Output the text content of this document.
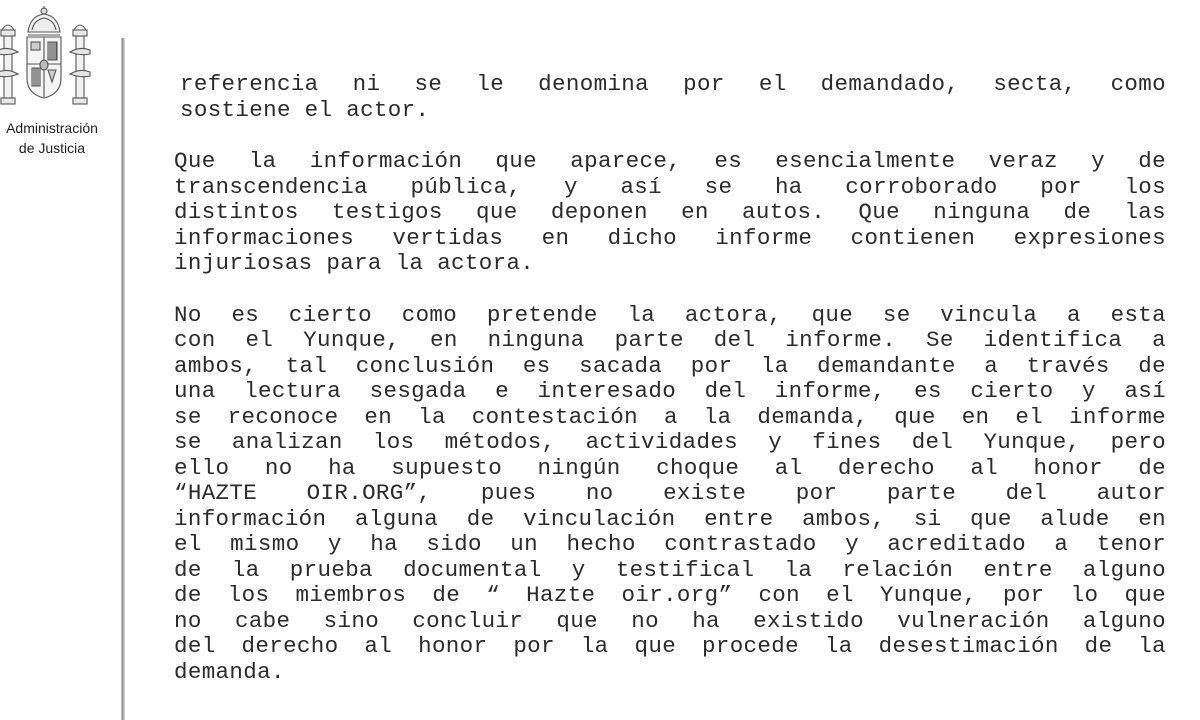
Administración
de Justicia
referencia ni se le denomina por el demandado, secta, como
sostiene el actor.
Que la información que aparece, es esencialmente veraz y de
transcendencia pública, y así se ha corroborado por los
distintos testigos que deponen en autos. Que ninguna de las
informaciones vertidas en dicho informe contienen expresiones
injuriosas para la actora.
No es cierto como pretende la actora, que se vincula a esta
con el Yunque, en ninguna parte del informe. Se identifica a
ambos, tal conclusión es sacada por la demandante a través de
una lectura sesgada e interesado del informe, es cierto y así
se reconoce en la contestación a la demanda, que en el informe
se analizan los métodos, actividades y fines del Yunque, pero
ello no ha supuesto ningún choque al derecho al honor de
“HAZTE OIR.ORG”, pues no existe por parte del autor
información alguna de vinculación entre ambos, si que alude en
el mismo y ha sido un hecho contrastado y acreditado a tenor
de la prueba documental y testifical la relación entre alguno
de los miembros de “ Hazte oir.org” con el Yunque, por lo que
no cabe sino concluir que no ha existido vulneración alguno
del derecho al honor por la que procede la desestimación de la
demanda.
